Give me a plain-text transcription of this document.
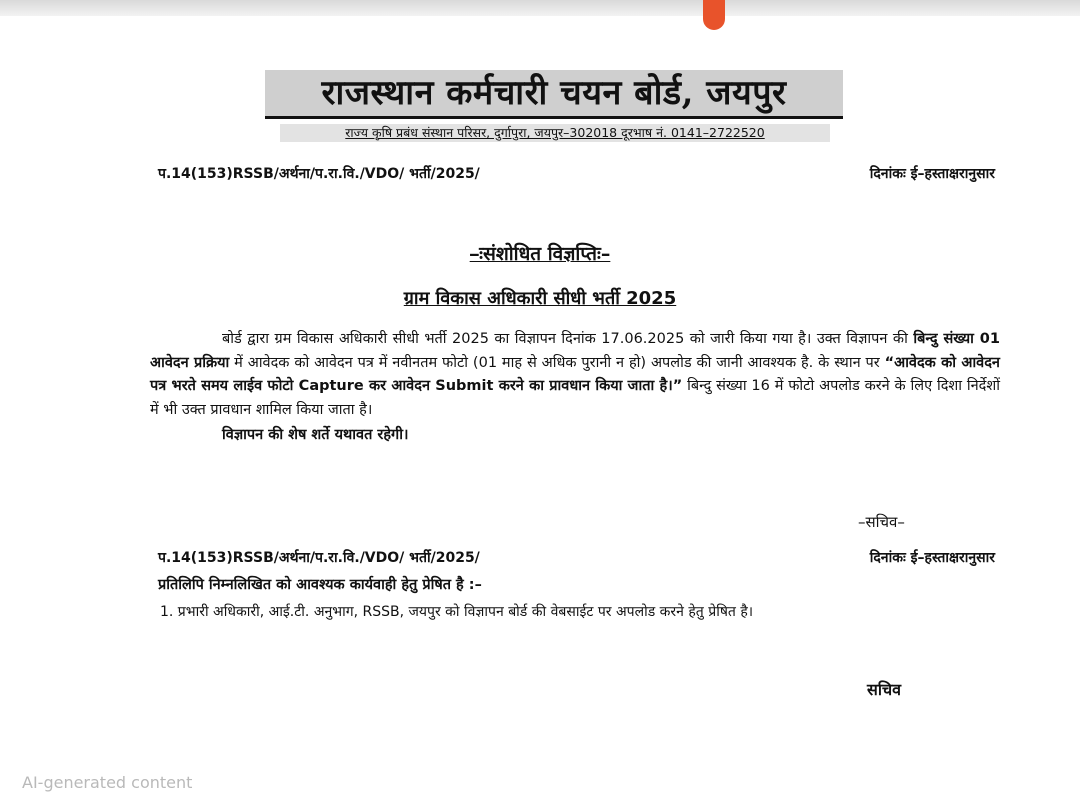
राजस्थान कर्मचारी चयन बोर्ड, जयपुर
राज्य कृषि प्रबंध संस्थान परिसर, दुर्गापुरा, जयपुर–302018 दूरभाष नं. 0141–2722520
प.14(153)RSSB/अर्थना/प.रा.वि./VDO/ भर्ती/2025/	दिनांकः ई–हस्ताक्षरानुसार
–ःसंशोधित विज्ञप्तिः–
ग्राम विकास अधिकारी सीधी भर्ती 2025
बोर्ड द्वारा ग्रम विकास अधिकारी सीधी भर्ती 2025 का विज्ञापन दिनांक 17.06.2025 को जारी किया गया है। उक्त विज्ञापन की बिन्दु संख्या 01 आवेदन प्रक्रिया में आवेदक को आवेदन पत्र में नवीनतम फोटो (01 माह से अधिक पुरानी न हो) अपलोड की जानी आवश्यक है. के स्थान पर “आवेदक को आवेदन पत्र भरते समय लाईव फोटो Capture कर आवेदन Submit करने का प्रावधान किया जाता है।” बिन्दु संख्या 16 में फोटो अपलोड करने के लिए दिशा निर्देशों में भी उक्त प्रावधान शामिल किया जाता है।
विज्ञापन की शेष शर्ते यथावत रहेगी।
–सचिव–
प.14(153)RSSB/अर्थना/प.रा.वि./VDO/ भर्ती/2025/	दिनांकः ई–हस्ताक्षरानुसार
प्रतिलिपि निम्नलिखित को आवश्यक कार्यवाही हेतु प्रेषित है :–
1. प्रभारी अधिकारी, आई.टी. अनुभाग, RSSB, जयपुर को विज्ञापन बोर्ड की वेबसाईट पर अपलोड करने हेतु प्रेषित है।
सचिव
AI-generated content
